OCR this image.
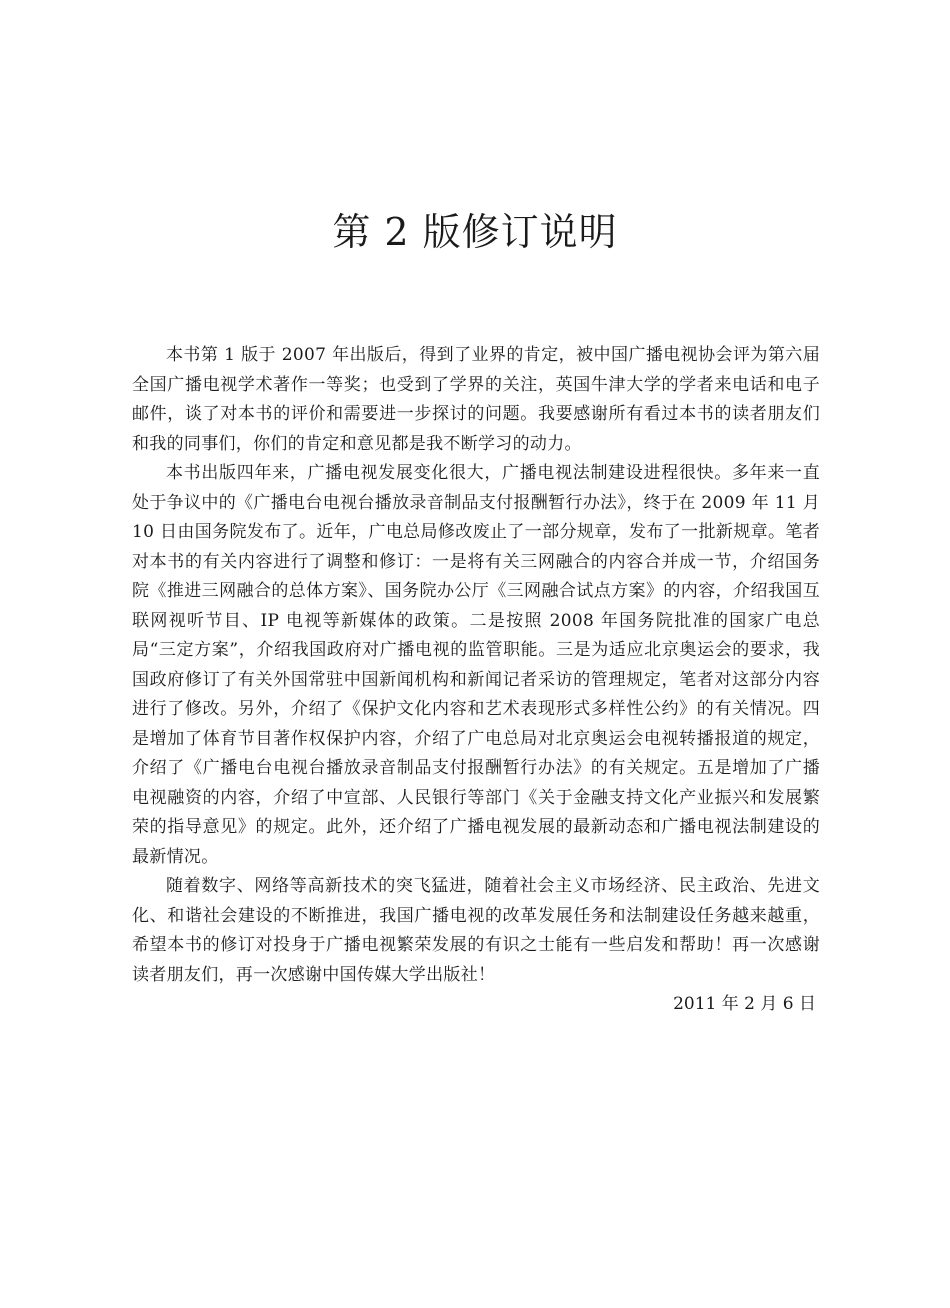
第 2 版修订说明

本书第 1 版于 2007 年出版后，得到了业界的肯定，被中国广播电视协会评为第六届全国广播电视学术著作一等奖；也受到了学界的关注，英国牛津大学的学者来电话和电子邮件，谈了对本书的评价和需要进一步探讨的问题。我要感谢所有看过本书的读者朋友们和我的同事们，你们的肯定和意见都是我不断学习的动力。

本书出版四年来，广播电视发展变化很大，广播电视法制建设进程很快。多年来一直处于争议中的《广播电台电视台播放录音制品支付报酬暂行办法》，终于在 2009 年 11 月 10 日由国务院发布了。近年，广电总局修改废止了一部分规章，发布了一批新规章。笔者对本书的有关内容进行了调整和修订：一是将有关三网融合的内容合并成一节，介绍国务院《推进三网融合的总体方案》、国务院办公厅《三网融合试点方案》的内容，介绍我国互联网视听节目、IP 电视等新媒体的政策。二是按照 2008 年国务院批准的国家广电总局“三定方案”，介绍我国政府对广播电视的监管职能。三是为适应北京奥运会的要求，我国政府修订了有关外国常驻中国新闻机构和新闻记者采访的管理规定，笔者对这部分内容进行了修改。另外，介绍了《保护文化内容和艺术表现形式多样性公约》的有关情况。四是增加了体育节目著作权保护内容，介绍了广电总局对北京奥运会电视转播报道的规定，介绍了《广播电台电视台播放录音制品支付报酬暂行办法》的有关规定。五是增加了广播电视融资的内容，介绍了中宣部、人民银行等部门《关于金融支持文化产业振兴和发展繁荣的指导意见》的规定。此外，还介绍了广播电视发展的最新动态和广播电视法制建设的最新情况。

随着数字、网络等高新技术的突飞猛进，随着社会主义市场经济、民主政治、先进文化、和谐社会建设的不断推进，我国广播电视的改革发展任务和法制建设任务越来越重，希望本书的修订对投身于广播电视繁荣发展的有识之士能有一些启发和帮助！再一次感谢读者朋友们，再一次感谢中国传媒大学出版社！

2011 年 2 月 6 日
